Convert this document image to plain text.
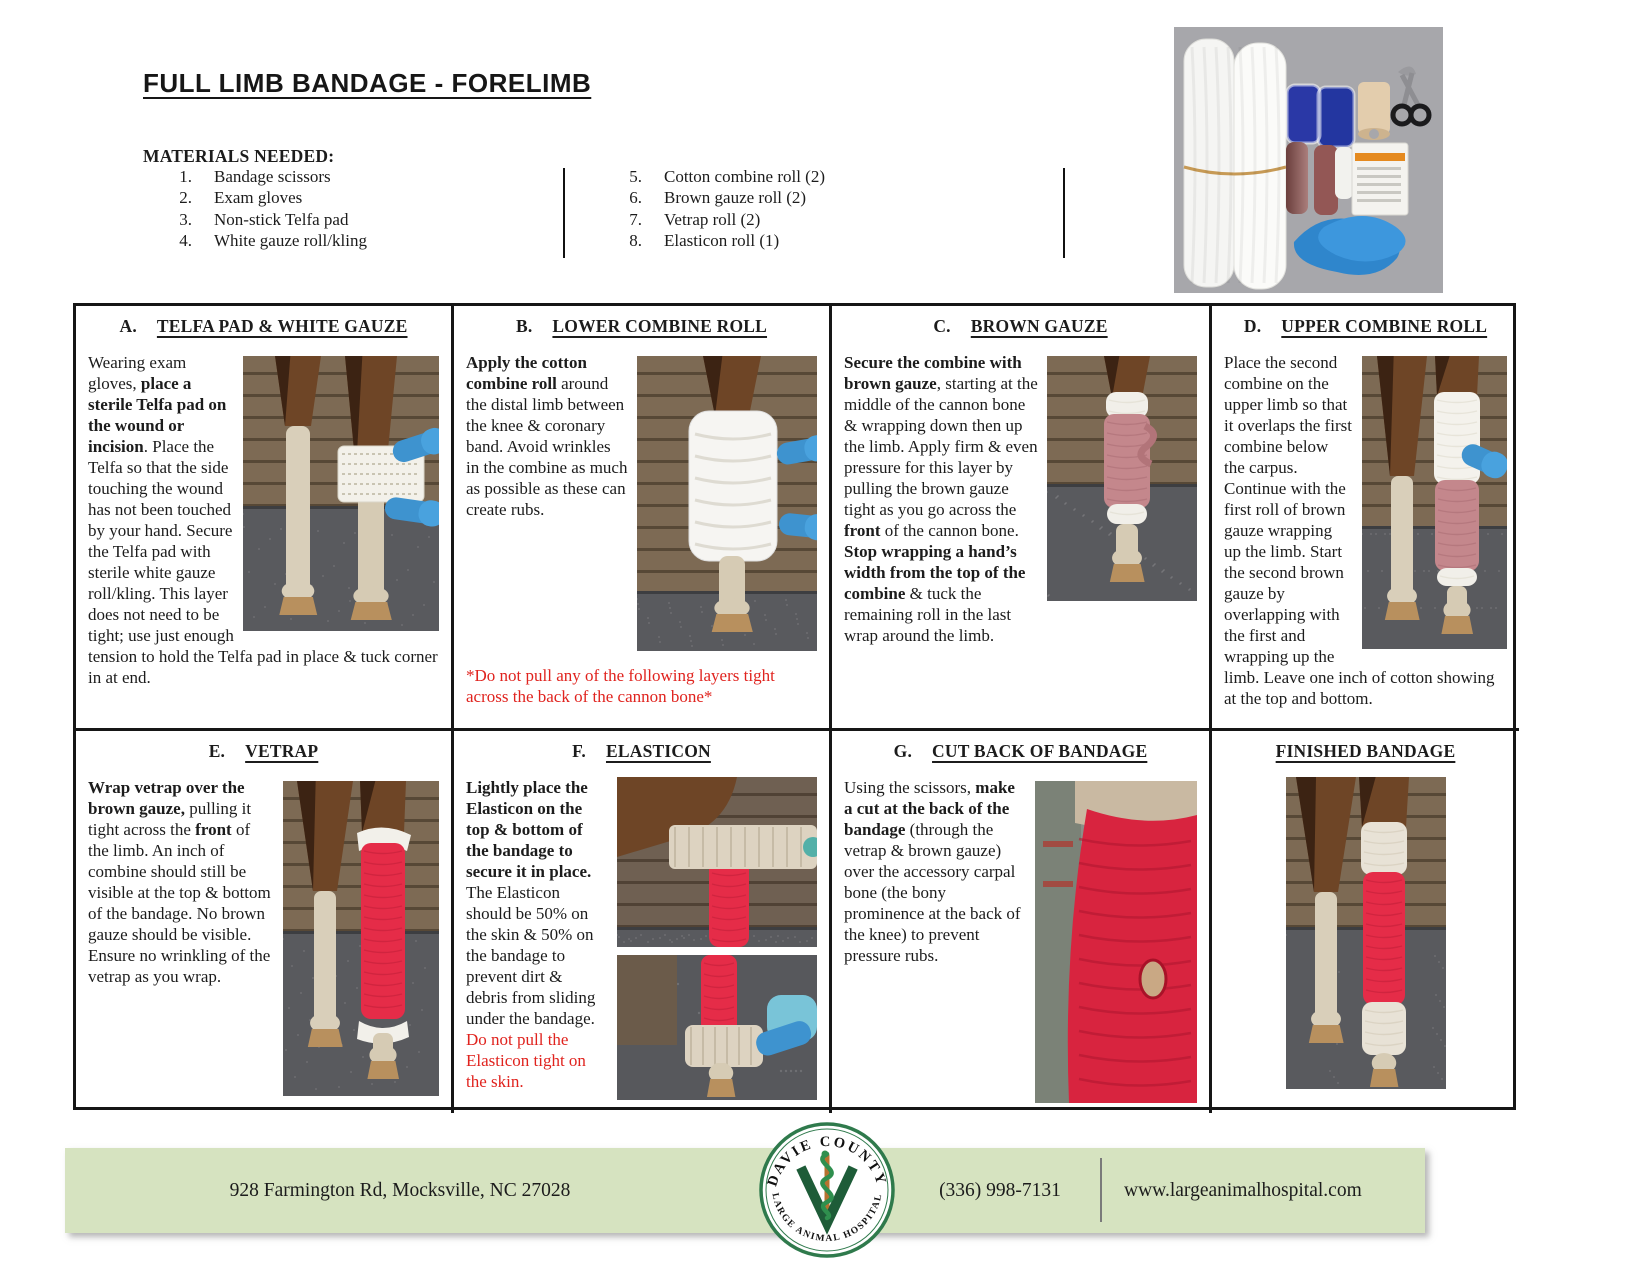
FULL LIMB BANDAGE - FORELIMB
MATERIALS NEEDED:
1. Bandage scissors
2. Exam gloves
3. Non-stick Telfa pad
4. White gauze roll/kling
5. Cotton combine roll (2)
6. Brown gauze roll (2)
7. Vetrap roll (2)
8. Elasticon roll (1)
A. TELFA PAD & WHITE GAUZE
Wearing exam gloves, place a sterile Telfa pad on the wound or incision. Place the Telfa so that the side touching the wound has not been touched by your hand. Secure the Telfa pad with sterile white gauze roll/kling. This layer does not need to be tight; use just enough tension to hold the Telfa pad in place & tuck corner in at end.
B. LOWER COMBINE ROLL
Apply the cotton combine roll around the distal limb between the knee & coronary band. Avoid wrinkles in the combine as much as possible as these can create rubs.
*Do not pull any of the following layers tight across the back of the cannon bone*
C. BROWN GAUZE
Secure the combine with brown gauze, starting at the middle of the cannon bone & wrapping down then up the limb. Apply firm & even pressure for this layer by pulling the brown gauze tight as you go across the front of the cannon bone. Stop wrapping a hand’s width from the top of the combine & tuck the remaining roll in the last wrap around the limb.
D. UPPER COMBINE ROLL
Place the second combine on the upper limb so that it overlaps the first combine below the carpus. Continue with the first roll of brown gauze wrapping up the limb. Start the second brown gauze by overlapping with the first and wrapping up the limb. Leave one inch of cotton showing at the top and bottom.
E. VETRAP
Wrap vetrap over the brown gauze, pulling it tight across the front of the limb. An inch of combine should still be visible at the top & bottom of the bandage. No brown gauze should be visible. Ensure no wrinkling of the vetrap as you wrap.
F. ELASTICON
Lightly place the Elasticon on the top & bottom of the bandage to secure it in place. The Elasticon should be 50% on the skin & 50% on the bandage to prevent dirt & debris from sliding under the bandage. Do not pull the Elasticon tight on the skin.
G. CUT BACK OF BANDAGE
Using the scissors, make a cut at the back of the bandage (through the vetrap & brown gauze) over the accessory carpal bone (the bony prominence at the back of the knee) to prevent pressure rubs.
FINISHED BANDAGE
928 Farmington Rd, Mocksville, NC 27028	(336) 998-7131	www.largeanimalhospital.com
DAVIE COUNTY
LARGE ANIMAL HOSPITAL
